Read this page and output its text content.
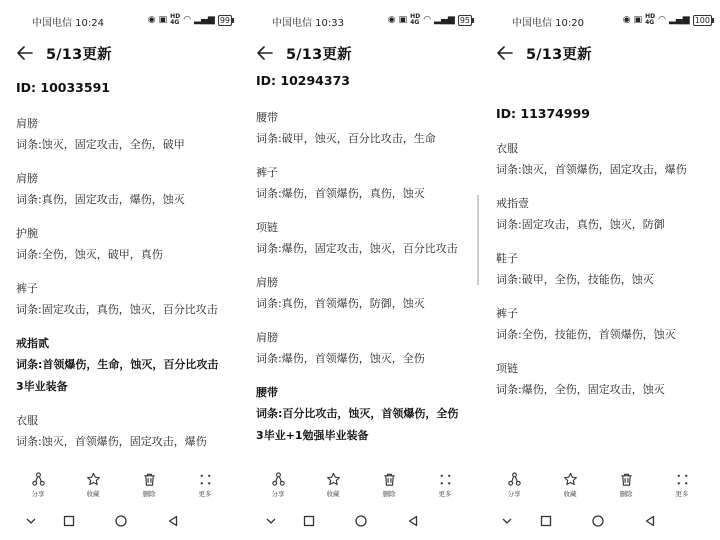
中国电信 10:24	◉ ▣ HD
4G ◠ ▂▄▆ 99
5/13更新
ID: 10033591
肩膀
词条:蚀灭，固定攻击，全伤，破甲
肩膀
词条:真伤，固定攻击，爆伤，蚀灭
护腕
词条:全伤，蚀灭，破甲，真伤
裤子
词条:固定攻击，真伤，蚀灭，百分比攻击
戒指贰
词条:首领爆伤，生命，蚀灭，百分比攻击
3毕业装备
衣服
词条:蚀灭，首领爆伤，固定攻击，爆伤
分享	收藏	删除	更多
中国电信 10:33	◉ ▣ HD
4G ◠ ▂▄▆ 95
5/13更新
ID: 10294373
腰带
词条:破甲，蚀灭，百分比攻击，生命
裤子
词条:爆伤，首领爆伤，真伤，蚀灭
项链
词条:爆伤，固定攻击，蚀灭，百分比攻击
肩膀
词条:真伤，首领爆伤，防御，蚀灭
肩膀
词条:爆伤，首领爆伤，蚀灭，全伤
腰带
词条:百分比攻击，蚀灭，首领爆伤，全伤
3毕业+1勉强毕业装备
分享	收藏	删除	更多
中国电信 10:20	◉ ▣ HD
4G ◠ ▂▄▆ 100
5/13更新
ID: 11374999
衣服
词条:蚀灭，首领爆伤，固定攻击，爆伤
戒指壹
词条:固定攻击，真伤，蚀灭，防御
鞋子
词条:破甲，全伤，技能伤，蚀灭
裤子
词条:全伤，技能伤，首领爆伤，蚀灭
项链
词条:爆伤，全伤，固定攻击，蚀灭
分享	收藏	删除	更多
